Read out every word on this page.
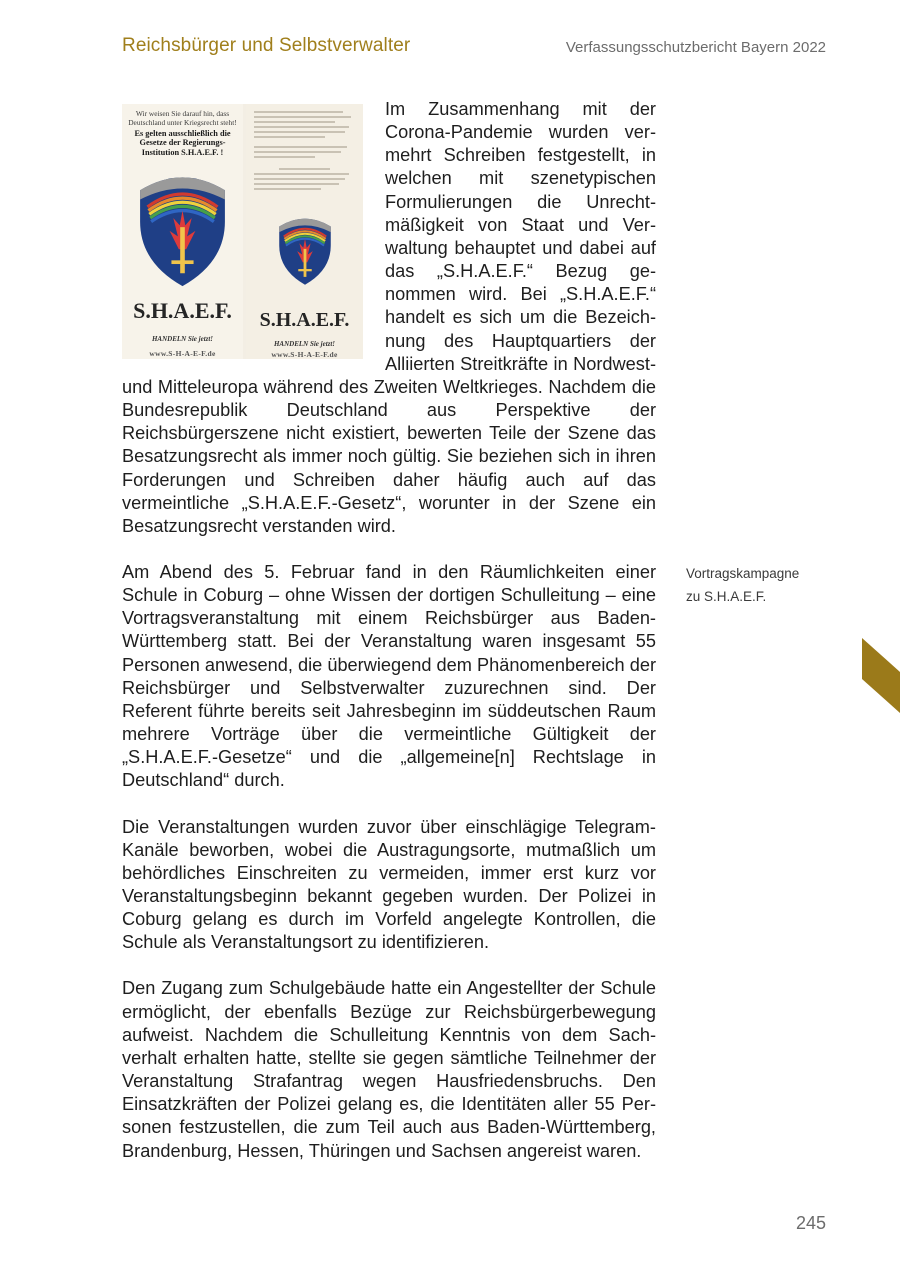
Reichsbürger und Selbstverwalter	Verfassungsschutzbericht Bayern 2022
Wir weisen Sie darauf hin, dass Deutschland unter Kriegsrecht steht!
Es gelten ausschließlich die Gesetze der Regierungs-Institution S.H.A.E.F. !
S.H.A.E.F.
HANDELN Sie jetzt!
www.S-H-A-E-F.de
S.H.A.E.F.
HANDELN Sie jetzt!
www.S-H-A-E-F.de

Im Zusammenhang mit der Corona-Pandemie wurden vermehrt Schreiben festgestellt, in welchen mit szenetypischen Formulierungen die Unrechtmäßigkeit von Staat und Verwaltung behauptet und dabei auf das „S.H.A.E.F.“ Bezug genommen wird. Bei „S.H.A.E.F.“ handelt es sich um die Bezeichnung des Hauptquartiers der Alliierten Streitkräfte in Nordwest- und Mitteleuropa während des Zweiten Weltkrieges. Nachdem die Bundesrepublik Deutschland aus Perspektive der Reichsbürgerszene nicht existiert, bewerten Teile der Szene das Besatzungsrecht als immer noch gültig. Sie beziehen sich in ihren Forderungen und Schreiben daher häufig auch auf das vermeintliche „S.H.A.E.F.-Gesetz“, worunter in der Szene ein Besatzungsrecht verstanden wird.

Am Abend des 5. Februar fand in den Räumlichkeiten einer Schule in Coburg – ohne Wissen der dortigen Schulleitung – eine Vortragsveranstaltung mit einem Reichsbürger aus Baden-Württemberg statt. Bei der Veranstaltung waren insgesamt 55 Personen anwesend, die überwiegend dem Phänomenbereich der Reichsbürger und Selbstverwalter zuzurechnen sind. Der Referent führte bereits seit Jahresbeginn im süddeutschen Raum mehrere Vorträge über die vermeintliche Gültigkeit der „S.H.A.E.F.-Gesetze“ und die „allgemeine[n] Rechtslage in Deutschland“ durch.

Die Veranstaltungen wurden zuvor über einschlägige Telegram-Kanäle beworben, wobei die Austragungsorte, mutmaßlich um behördliches Einschreiten zu vermeiden, immer erst kurz vor Veranstaltungsbeginn bekannt gegeben wurden. Der Polizei in Coburg gelang es durch im Vorfeld angelegte Kontrollen, die Schule als Veranstaltungsort zu identifizieren.

Den Zugang zum Schulgebäude hatte ein Angestellter der Schule ermöglicht, der ebenfalls Bezüge zur Reichsbürgerbewegung aufweist. Nachdem die Schulleitung Kenntnis von dem Sachverhalt erhalten hatte, stellte sie gegen sämtliche Teilnehmer der Veranstaltung Strafantrag wegen Hausfriedensbruchs. Den Einsatzkräften der Polizei gelang es, die Identitäten aller 55 Personen festzustellen, die zum Teil auch aus Baden-Württemberg, Brandenburg, Hessen, Thüringen und Sachsen angereist waren.

Vortragskampagne
zu S.H.A.E.F.
245
